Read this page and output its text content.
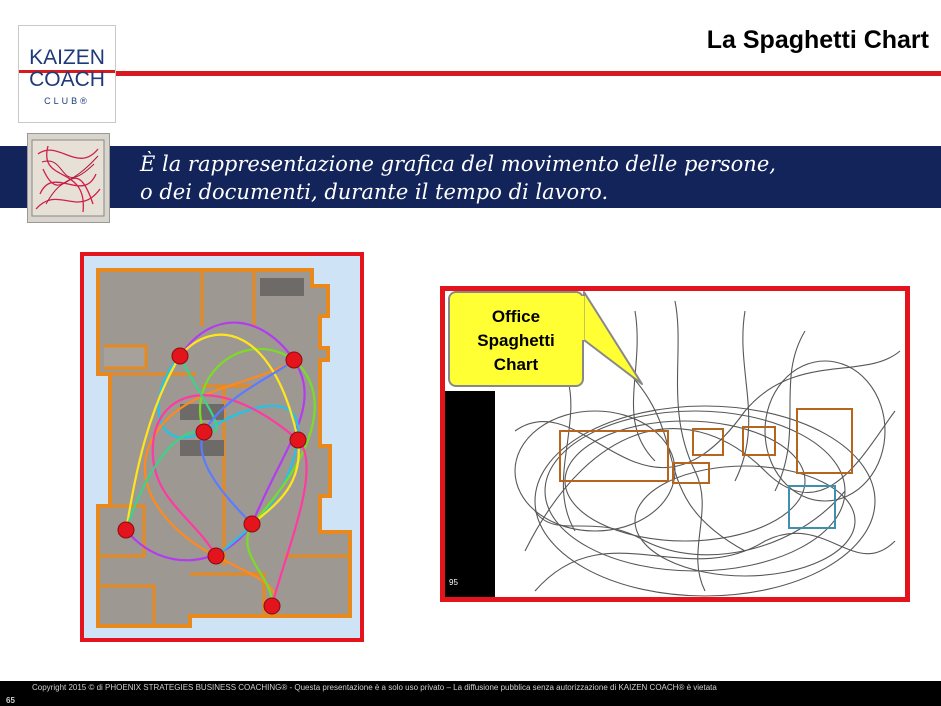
KAIZEN
COACH
CLUB®
La Spaghetti Chart
È la rappresentazione grafica del movimento delle persone,
o dei documenti, durante il tempo di lavoro.
95
Office
Spaghetti
Chart
Copyright 2015 © di PHOENIX STRATEGIES BUSINESS COACHING® - Questa presentazione è a solo uso privato – La diffusione pubblica senza autorizzazione di KAIZEN COACH® è vietata
65
